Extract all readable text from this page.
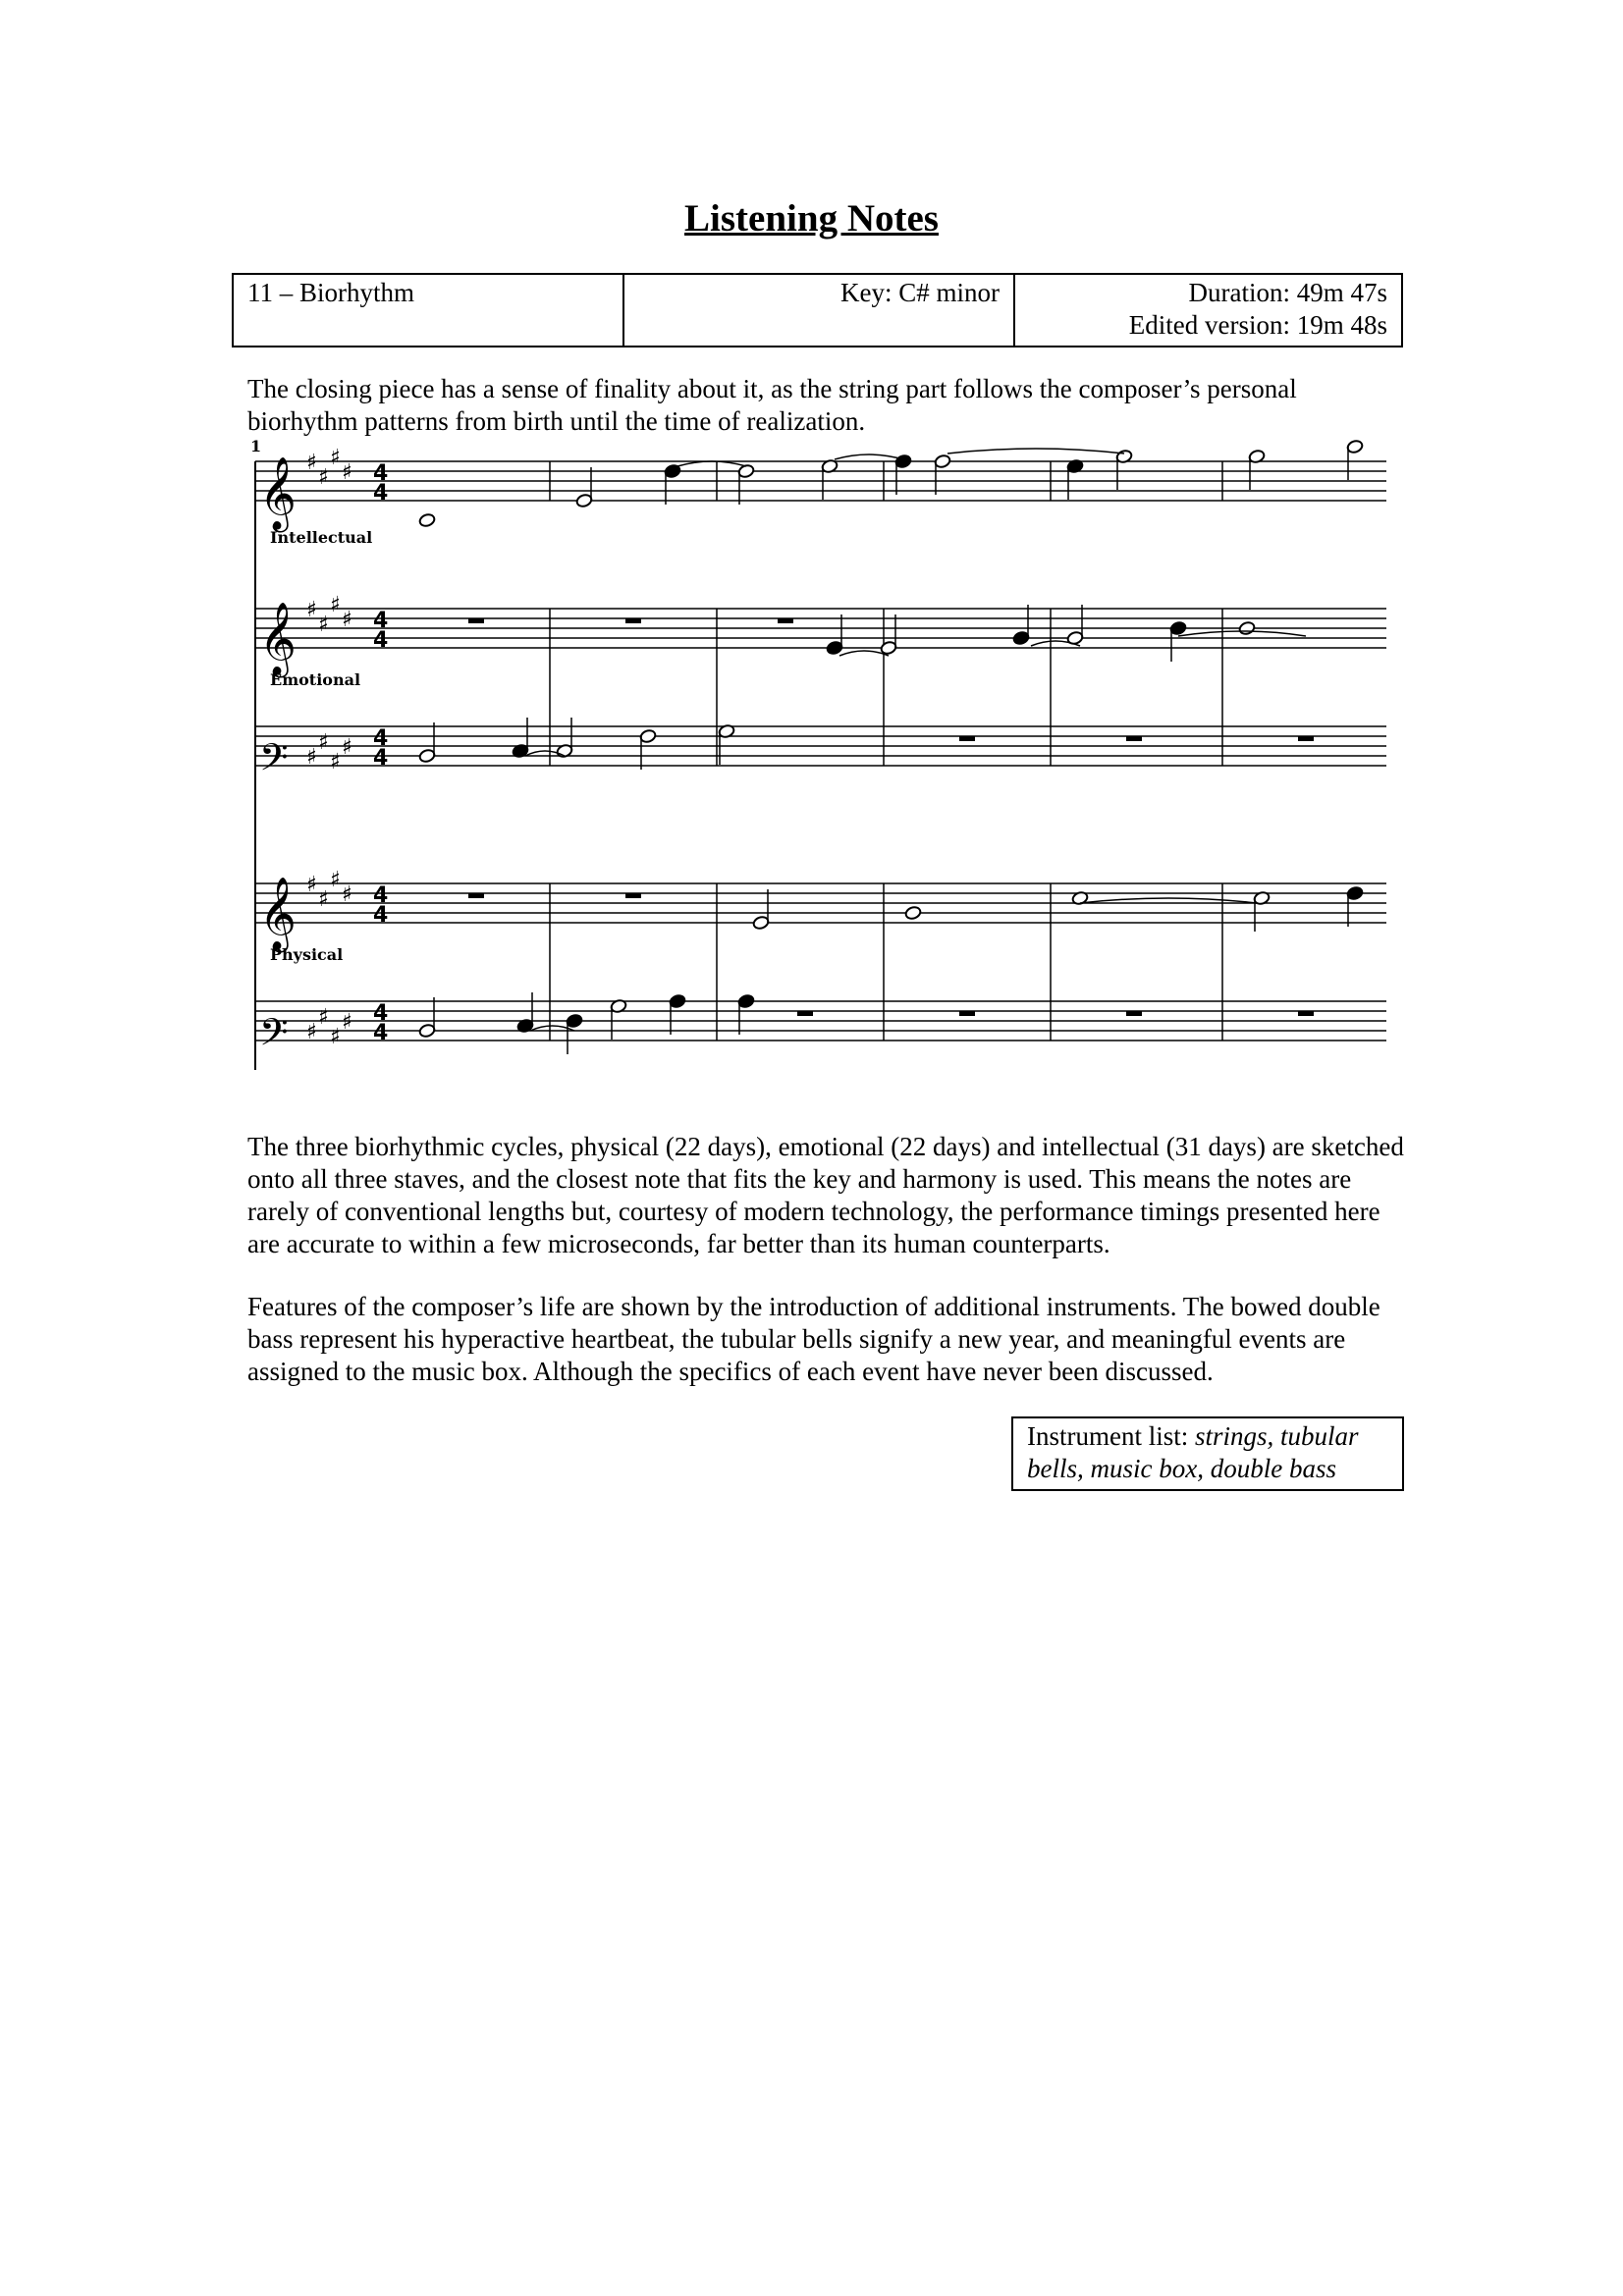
Listening Notes
11 – Biorhythm	Key: C# minor	Duration: 49m 47s
Edited version: 19m 48s

The closing piece has a sense of finality about it, as the string part follows the composer’s personal biorhythm patterns from birth until the time of realization.

1
Intellectual
Emotional
Physical
𝄞
𝄞
𝄢
𝄞
𝄢
♯
♯
♯
♯ 4
4
♯
♯
♯
♯ 4
4
♯
♯
♯
♯ 4
4
♯
♯
♯
♯ 4
4
♯
♯
♯
♯ 4
4

The three biorhythmic cycles, physical (22 days), emotional (22 days) and intellectual (31 days) are sketched onto all three staves, and the closest note that fits the key and harmony is used. This means the notes are rarely of conventional lengths but, courtesy of modern technology, the performance timings presented here are accurate to within a few microseconds, far better than its human counterparts.

Features of the composer’s life are shown by the introduction of additional instruments. The bowed double bass represent his hyperactive heartbeat, the tubular bells signify a new year, and meaningful events are assigned to the music box. Although the specifics of each event have never been discussed.

Instrument list: strings, tubular bells, music box, double bass
